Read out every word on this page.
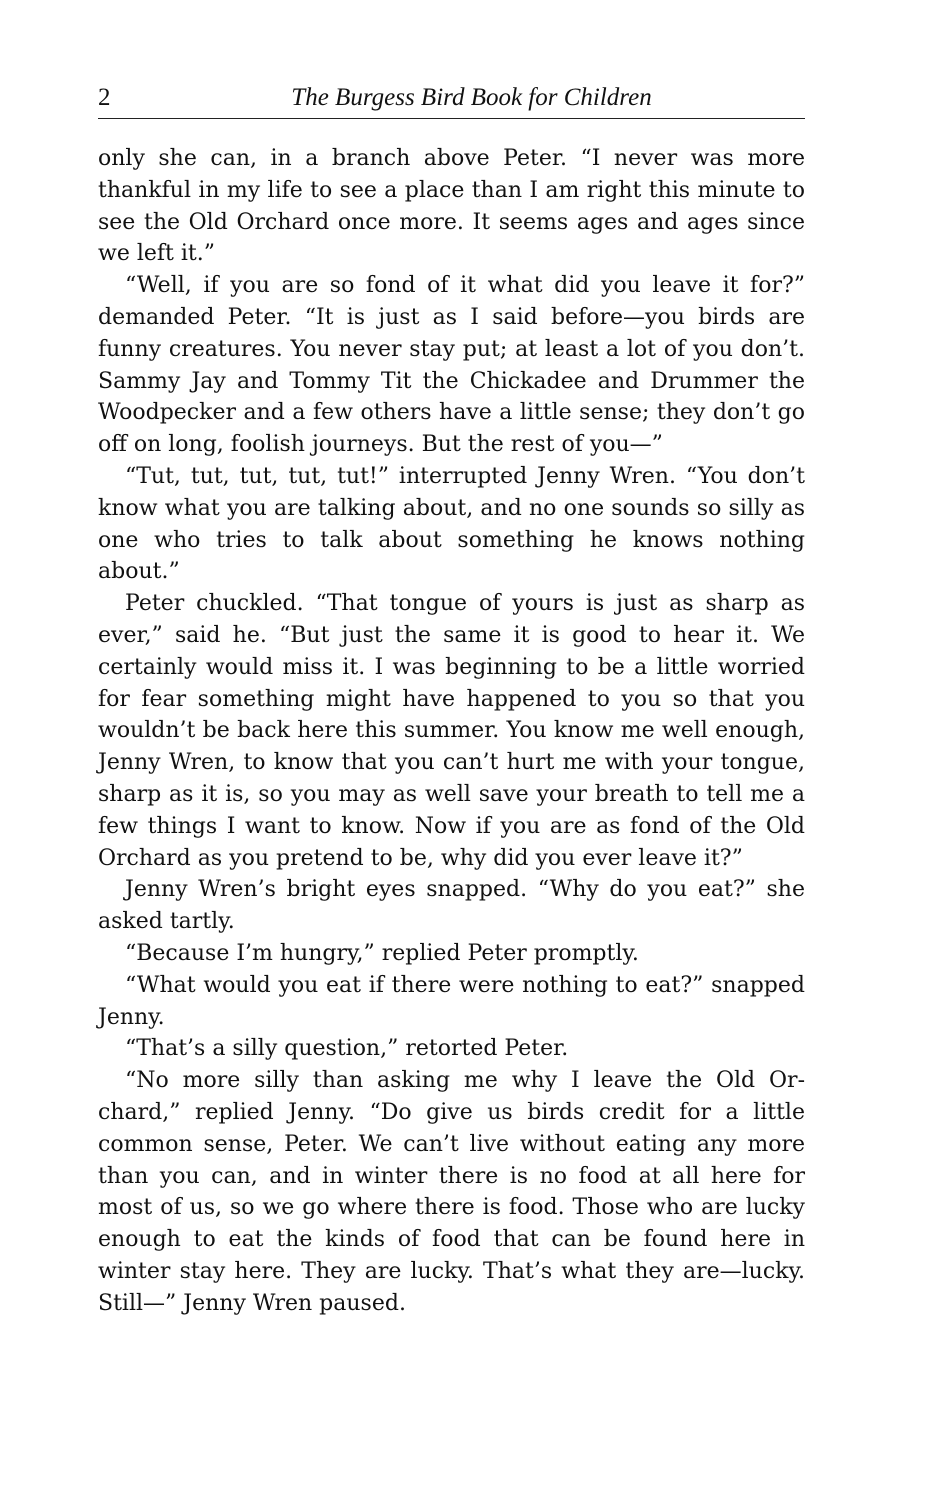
2	The Burgess Bird Book for Children

only she can, in a branch above Peter. “I never was more thankful in my life to see a place than I am right this minute to see the Old Orchard once more. It seems ages and ages since we left it.”

“Well, if you are so fond of it what did you leave it for?” demanded Peter. “It is just as I said before—you birds are funny creatures. You never stay put; at least a lot of you don’t. Sammy Jay and Tommy Tit the Chickadee and Drummer the Woodpecker and a few others have a little sense; they don’t go off on long, foolish journeys. But the rest of you—”

“Tut, tut, tut, tut, tut!” interrupted Jenny Wren. “You don’t know what you are talking about, and no one sounds so silly as one who tries to talk about something he knows nothing about.”

Peter chuckled. “That tongue of yours is just as sharp as ever,” said he. “But just the same it is good to hear it. We certainly would miss it. I was beginning to be a little worried for fear something might have happened to you so that you wouldn’t be back here this summer. You know me well enough, Jenny Wren, to know that you can’t hurt me with your tongue, sharp as it is, so you may as well save your breath to tell me a few things I want to know. Now if you are as fond of the Old Orchard as you pretend to be, why did you ever leave it?”

Jenny Wren’s bright eyes snapped. “Why do you eat?” she asked tartly.

“Because I’m hungry,” replied Peter promptly.

“What would you eat if there were nothing to eat?” snapped Jenny.

“That’s a silly question,” retorted Peter.

“No more silly than asking me why I leave the Old Or-chard,” replied Jenny. “Do give us birds credit for a little common sense, Peter. We can’t live without eating any more than you can, and in winter there is no food at all here for most of us, so we go where there is food. Those who are lucky enough to eat the kinds of food that can be found here in winter stay here. They are lucky. That’s what they are—lucky. Still—” Jenny Wren paused.
